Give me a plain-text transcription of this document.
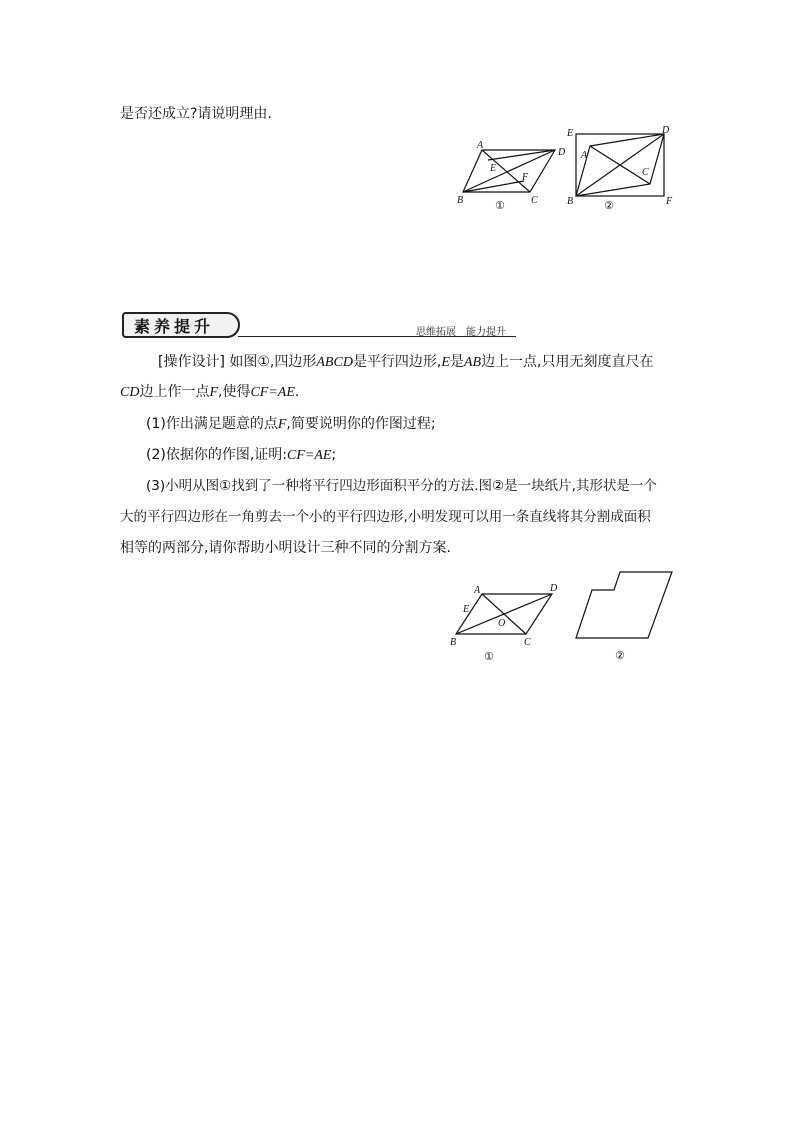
是否还成立?请说明理由.
A
D
B	C
E
F
①
E	D
A
C
B	F
②
素养提升	思维拓展　能力提升
[操作设计] 如图①,四边形ABCD是平行四边形,E是AB边上一点,只用无刻度直尺在
CD边上作一点F,使得CF=AE.
(1)作出满足题意的点F,简要说明你的作图过程;
(2)依据你的作图,证明:CF=AE;
(3)小明从图①找到了一种将平行四边形面积平分的方法.图②是一块纸片,其形状是一个
大的平行四边形在一角剪去一个小的平行四边形,小明发现可以用一条直线将其分割成面积
相等的两部分,请你帮助小明设计三种不同的分割方案.
A	D
E
O
B	C
①	②
